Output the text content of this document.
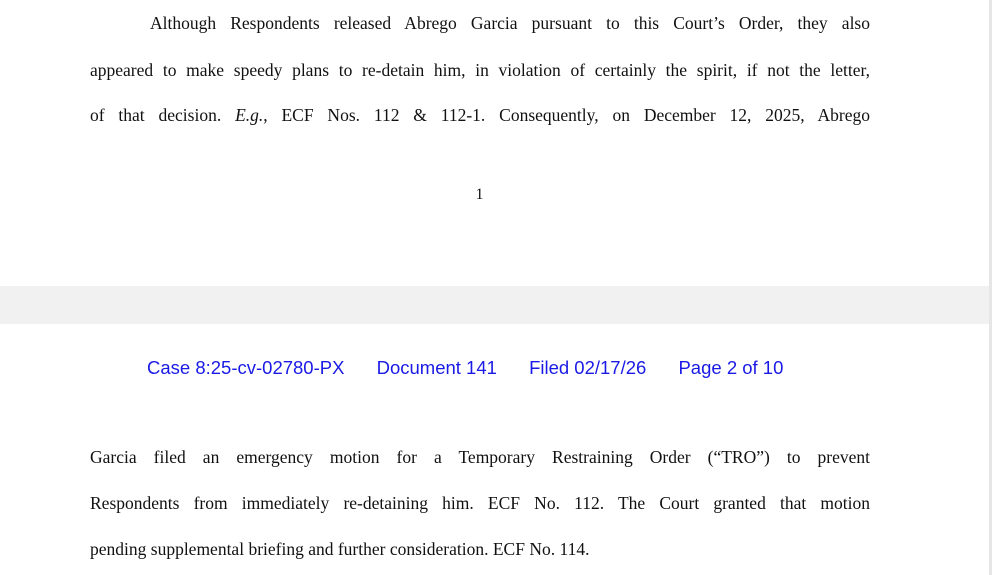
Although Respondents released Abrego Garcia pursuant to this Court’s Order, they also
appeared to make speedy plans to re-detain him, in violation of certainly the spirit, if not the letter,
of that decision. E.g., ECF Nos. 112 & 112-1. Consequently, on December 12, 2025, Abrego
1
Case 8:25-cv-02780-PX Document 141 Filed 02/17/26 Page 2 of 10
Garcia filed an emergency motion for a Temporary Restraining Order (“TRO”) to prevent
Respondents from immediately re-detaining him. ECF No. 112. The Court granted that motion
pending supplemental briefing and further consideration. ECF No. 114.
